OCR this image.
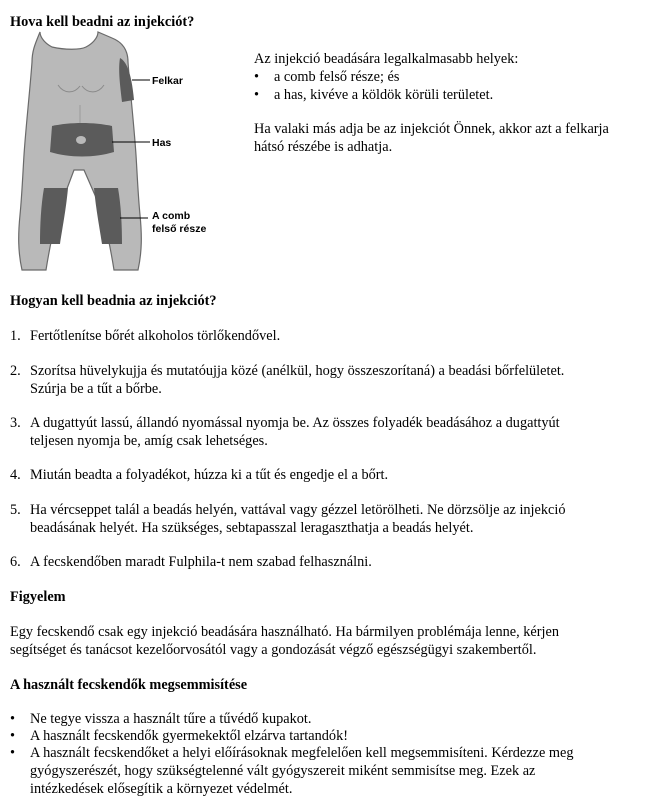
Hova kell beadni az injekciót?
Felkar
Has
A comb
felső része
Az injekció beadására legalkalmasabb helyek:
• a comb felső része; és
• a has, kivéve a köldök körüli területet.
Ha valaki más adja be az injekciót Önnek, akkor azt a felkarja
hátsó részébe is adhatja.
Hogyan kell beadnia az injekciót?
1. Fertőtlenítse bőrét alkoholos törlőkendővel.
2. Szorítsa hüvelykujja és mutatóujja közé (anélkül, hogy összeszorítaná) a beadási bőrfelületet.
Szúrja be a tűt a bőrbe.
3. A dugattyút lassú, állandó nyomással nyomja be. Az összes folyadék beadásához a dugattyút
teljesen nyomja be, amíg csak lehetséges.
4. Miután beadta a folyadékot, húzza ki a tűt és engedje el a bőrt.
5. Ha vércseppet talál a beadás helyén, vattával vagy gézzel letörölheti. Ne dörzsölje az injekció
beadásának helyét. Ha szükséges, sebtapasszal leragaszthatja a beadás helyét.
6. A fecskendőben maradt Fulphila-t nem szabad felhasználni.
Figyelem
Egy fecskendő csak egy injekció beadására használható. Ha bármilyen problémája lenne, kérjen
segítséget és tanácsot kezelőorvosától vagy a gondozását végző egészségügyi szakembertől.
A használt fecskendők megsemmisítése
• Ne tegye vissza a használt tűre a tűvédő kupakot.
• A használt fecskendők gyermekektől elzárva tartandók!
• A használt fecskendőket a helyi előírásoknak megfelelően kell megsemmisíteni. Kérdezze meg
gyógyszerészét, hogy szükségtelenné vált gyógyszereit miként semmisítse meg. Ezek az
intézkedések elősegítik a környezet védelmét.
